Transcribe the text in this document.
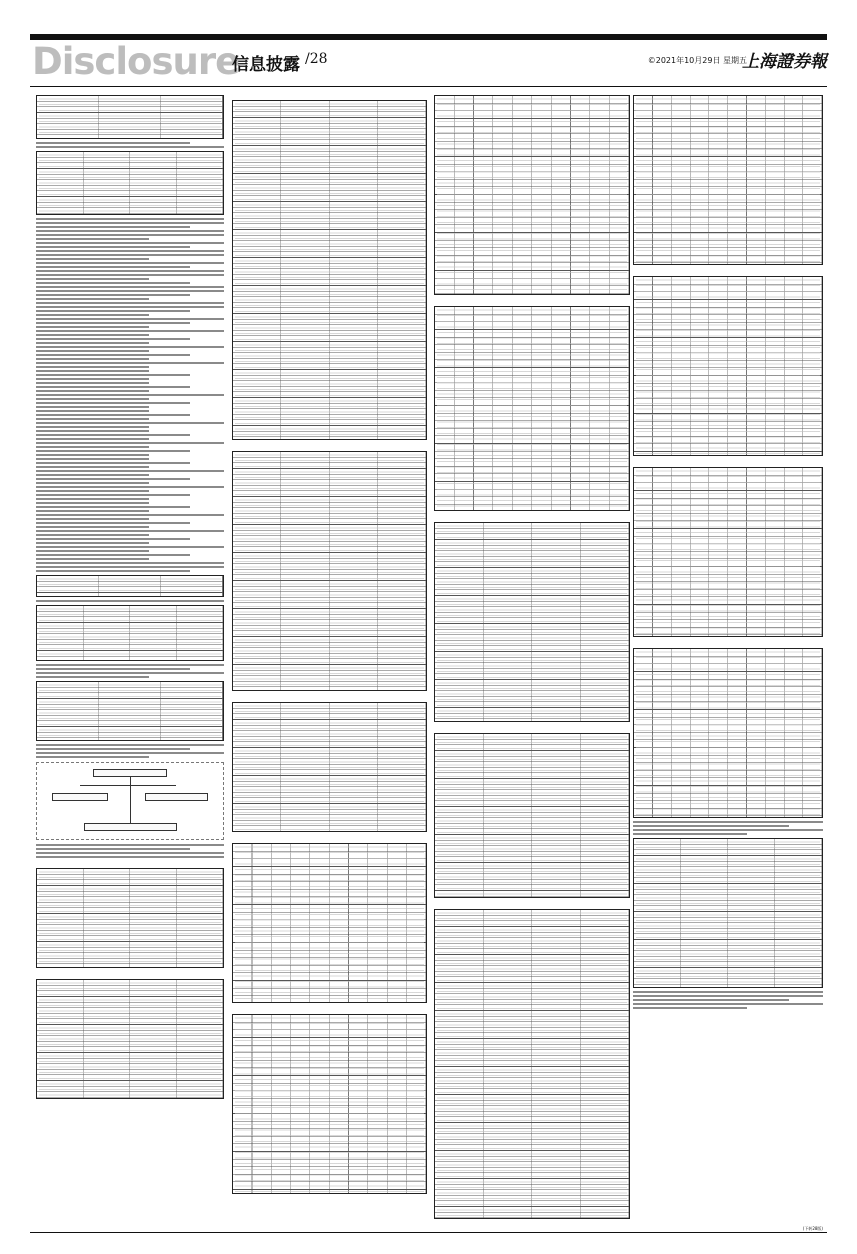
Disclosure
信息披露 /28	©2021年10月29日 星期五
上海證券報
(下转28版)
